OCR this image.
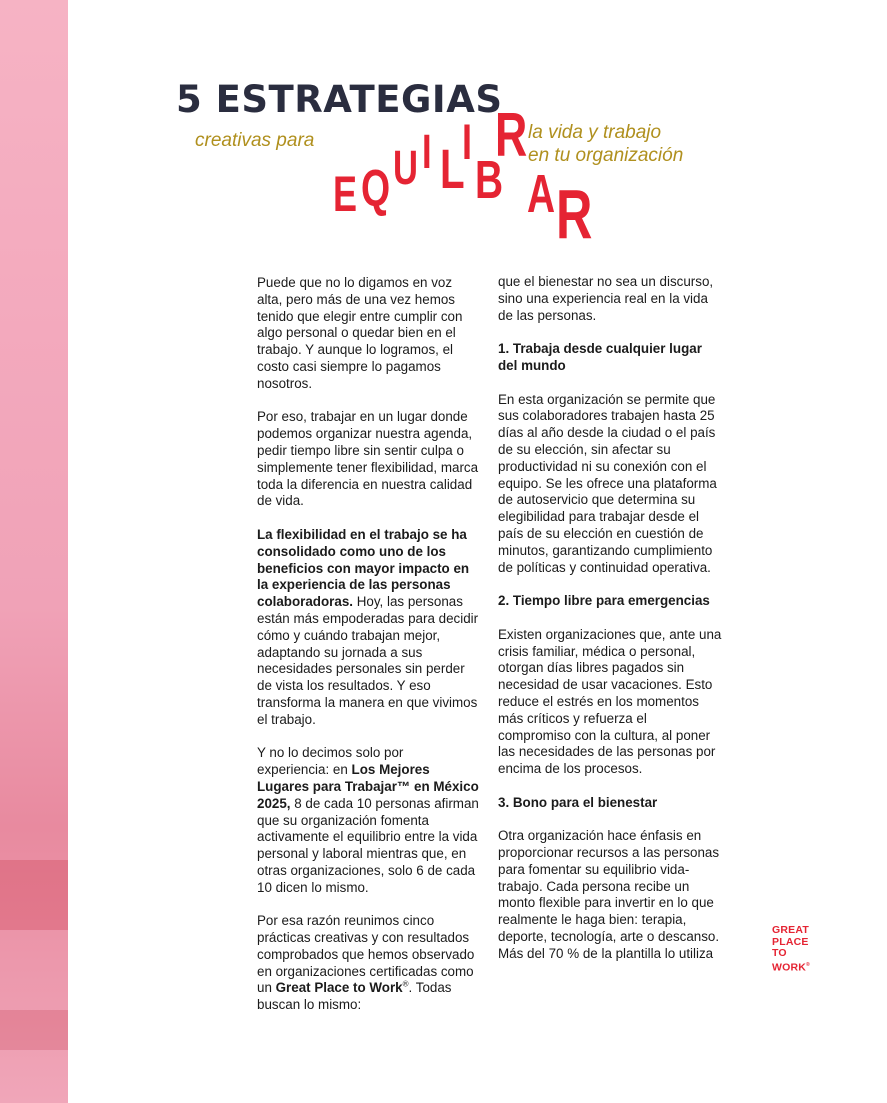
5 ESTRATEGIAS
creativas para	la vida y trabajo
en tu organización
E Q U I L
I
B
R
A R

Puede que no lo digamos en voz alta, pero más de una vez hemos tenido que elegir entre cumplir con algo personal o quedar bien en el trabajo. Y aunque lo logramos, el costo casi siempre lo pagamos nosotros.

Por eso, trabajar en un lugar donde podemos organizar nuestra agenda, pedir tiempo libre sin sentir culpa o simplemente tener flexibilidad, marca toda la diferencia en nuestra calidad de vida.

La flexibilidad en el trabajo se ha consolidado como uno de los beneficios con mayor impacto en la experiencia de las personas colaboradoras. Hoy, las personas están más empoderadas para decidir cómo y cuándo trabajan mejor, adaptando su jornada a sus necesidades personales sin perder de vista los resultados. Y eso transforma la manera en que vivimos el trabajo.

Y no lo decimos solo por experiencia: en Los Mejores Lugares para Trabajar™ en México 2025, 8 de cada 10 personas afirman que su organización fomenta activamente el equilibrio entre la vida personal y laboral mientras que, en otras organizaciones, solo 6 de cada 10 dicen lo mismo.

Por esa razón reunimos cinco prácticas creativas y con resultados comprobados que hemos observado en organizaciones certificadas como un Great Place to Work®. Todas buscan lo mismo:

que el bienestar no sea un discurso, sino una experiencia real en la vida de las personas.

1. Trabaja desde cualquier lugar del mundo

En esta organización se permite que sus colaboradores trabajen hasta 25 días al año desde la ciudad o el país de su elección, sin afectar su productividad ni su conexión con el equipo. Se les ofrece una plataforma de autoservicio que determina su elegibilidad para trabajar desde el país de su elección en cuestión de minutos, garantizando cumplimiento de políticas y continuidad operativa.

2. Tiempo libre para emergencias

Existen organizaciones que, ante una crisis familiar, médica o personal, otorgan días libres pagados sin necesidad de usar vacaciones. Esto reduce el estrés en los momentos más críticos y refuerza el compromiso con la cultura, al poner las necesidades de las personas por encima de los procesos.

3. Bono para el bienestar

Otra organización hace énfasis en proporcionar recursos a las personas para fomentar su equilibrio vida-trabajo. Cada persona recibe un monto flexible para invertir en lo que realmente le haga bien: terapia, deporte, tecnología, arte o descanso. Más del 70 % de la plantilla lo utiliza

GREAT
PLACE
TO
WORK®
